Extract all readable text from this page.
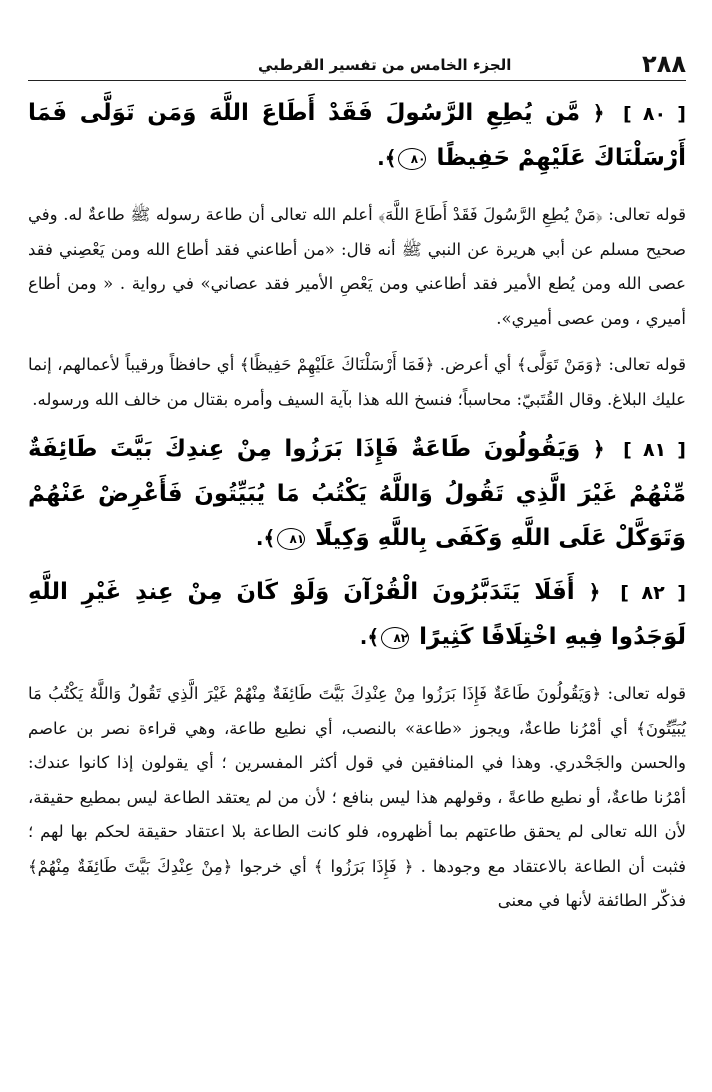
٢٨٨
الجزء الخامس من تفسير القرطبي
[ ٨٠ ] ﴿ مَّن يُطِعِ الرَّسُولَ فَقَدْ أَطَاعَ اللَّهَ وَمَن تَوَلَّى فَمَا أَرْسَلْنَاكَ عَلَيْهِمْ حَفِيظًا ٨٠﴾.
قوله تعالى: ﴿مَنْ يُطِعِ الرَّسُولَ فَقَدْ أَطَاعَ اللَّهَ﴾ أعلم الله تعالى أن طاعة رسوله ﷺ طاعةٌ له. وفي صحيح مسلم عن أبي هريرة عن النبي ﷺ أنه قال: «من أطاعني فقد أطاع الله ومن يَعْصِني فقد عصى الله ومن يُطع الأمير فقد أطاعني ومن يَعْصِ الأمير فقد عصاني» في رواية . « ومن أطاع أميري ، ومن عصى أميري».
قوله تعالى: ﴿وَمَنْ تَوَلَّى﴾ أي أعرض. ﴿فَمَا أَرْسَلْنَاكَ عَلَيْهِمْ حَفِيظًا﴾ أي حافظاً ورقيباً لأعمالهم، إنما عليك البلاغ. وقال القُتَبيّ: محاسباً؛ فنسخ الله هذا بآية السيف وأمره بقتال من خالف الله ورسوله.
[ ٨١ ] ﴿ وَيَقُولُونَ طَاعَةٌ فَإِذَا بَرَزُوا مِنْ عِندِكَ بَيَّتَ طَائِفَةٌ مِّنْهُمْ غَيْرَ الَّذِي تَقُولُ وَاللَّهُ يَكْتُبُ مَا يُبَيِّتُونَ فَأَعْرِضْ عَنْهُمْ وَتَوَكَّلْ عَلَى اللَّهِ وَكَفَى بِاللَّهِ وَكِيلًا ٨١﴾.
[ ٨٢ ] ﴿ أَفَلَا يَتَدَبَّرُونَ الْقُرْآنَ وَلَوْ كَانَ مِنْ عِندِ غَيْرِ اللَّهِ لَوَجَدُوا فِيهِ اخْتِلَافًا كَثِيرًا ٨٢﴾.
قوله تعالى: ﴿وَيَقُولُونَ طَاعَةٌ فَإِذَا بَرَزُوا مِنْ عِنْدِكَ بَيَّتَ طَائِفَةٌ مِنْهُمْ غَيْرَ الَّذِي تَقُولُ وَاللَّهُ يَكْتُبُ مَا يُبَيِّتُونَ﴾ أي أمْرُنا طاعةٌ، ويجوز «طاعة» بالنصب، أي نطيع طاعة، وهي قراءة نصر بن عاصم والحسن والجَحْدري. وهذا في المنافقين في قول أكثر المفسرين ؛ أي يقولون إذا كانوا عندك: أمْرُنا طاعةٌ، أو نطيع طاعةً ، وقولهم هذا ليس بنافع ؛ لأن من لم يعتقد الطاعة ليس بمطيع حقيقة، لأن الله تعالى لم يحقق طاعتهم بما أظهروه، فلو كانت الطاعة بلا اعتقاد حقيقة لحكم بها لهم ؛ فثبت أن الطاعة بالاعتقاد مع وجودها . ﴿ فَإِذَا بَرَزُوا ﴾ أي خرجوا ﴿مِنْ عِنْدِكَ بَيَّتَ طَائِفَةٌ مِنْهُمْ﴾ فذكّر الطائفة لأنها في معنى
